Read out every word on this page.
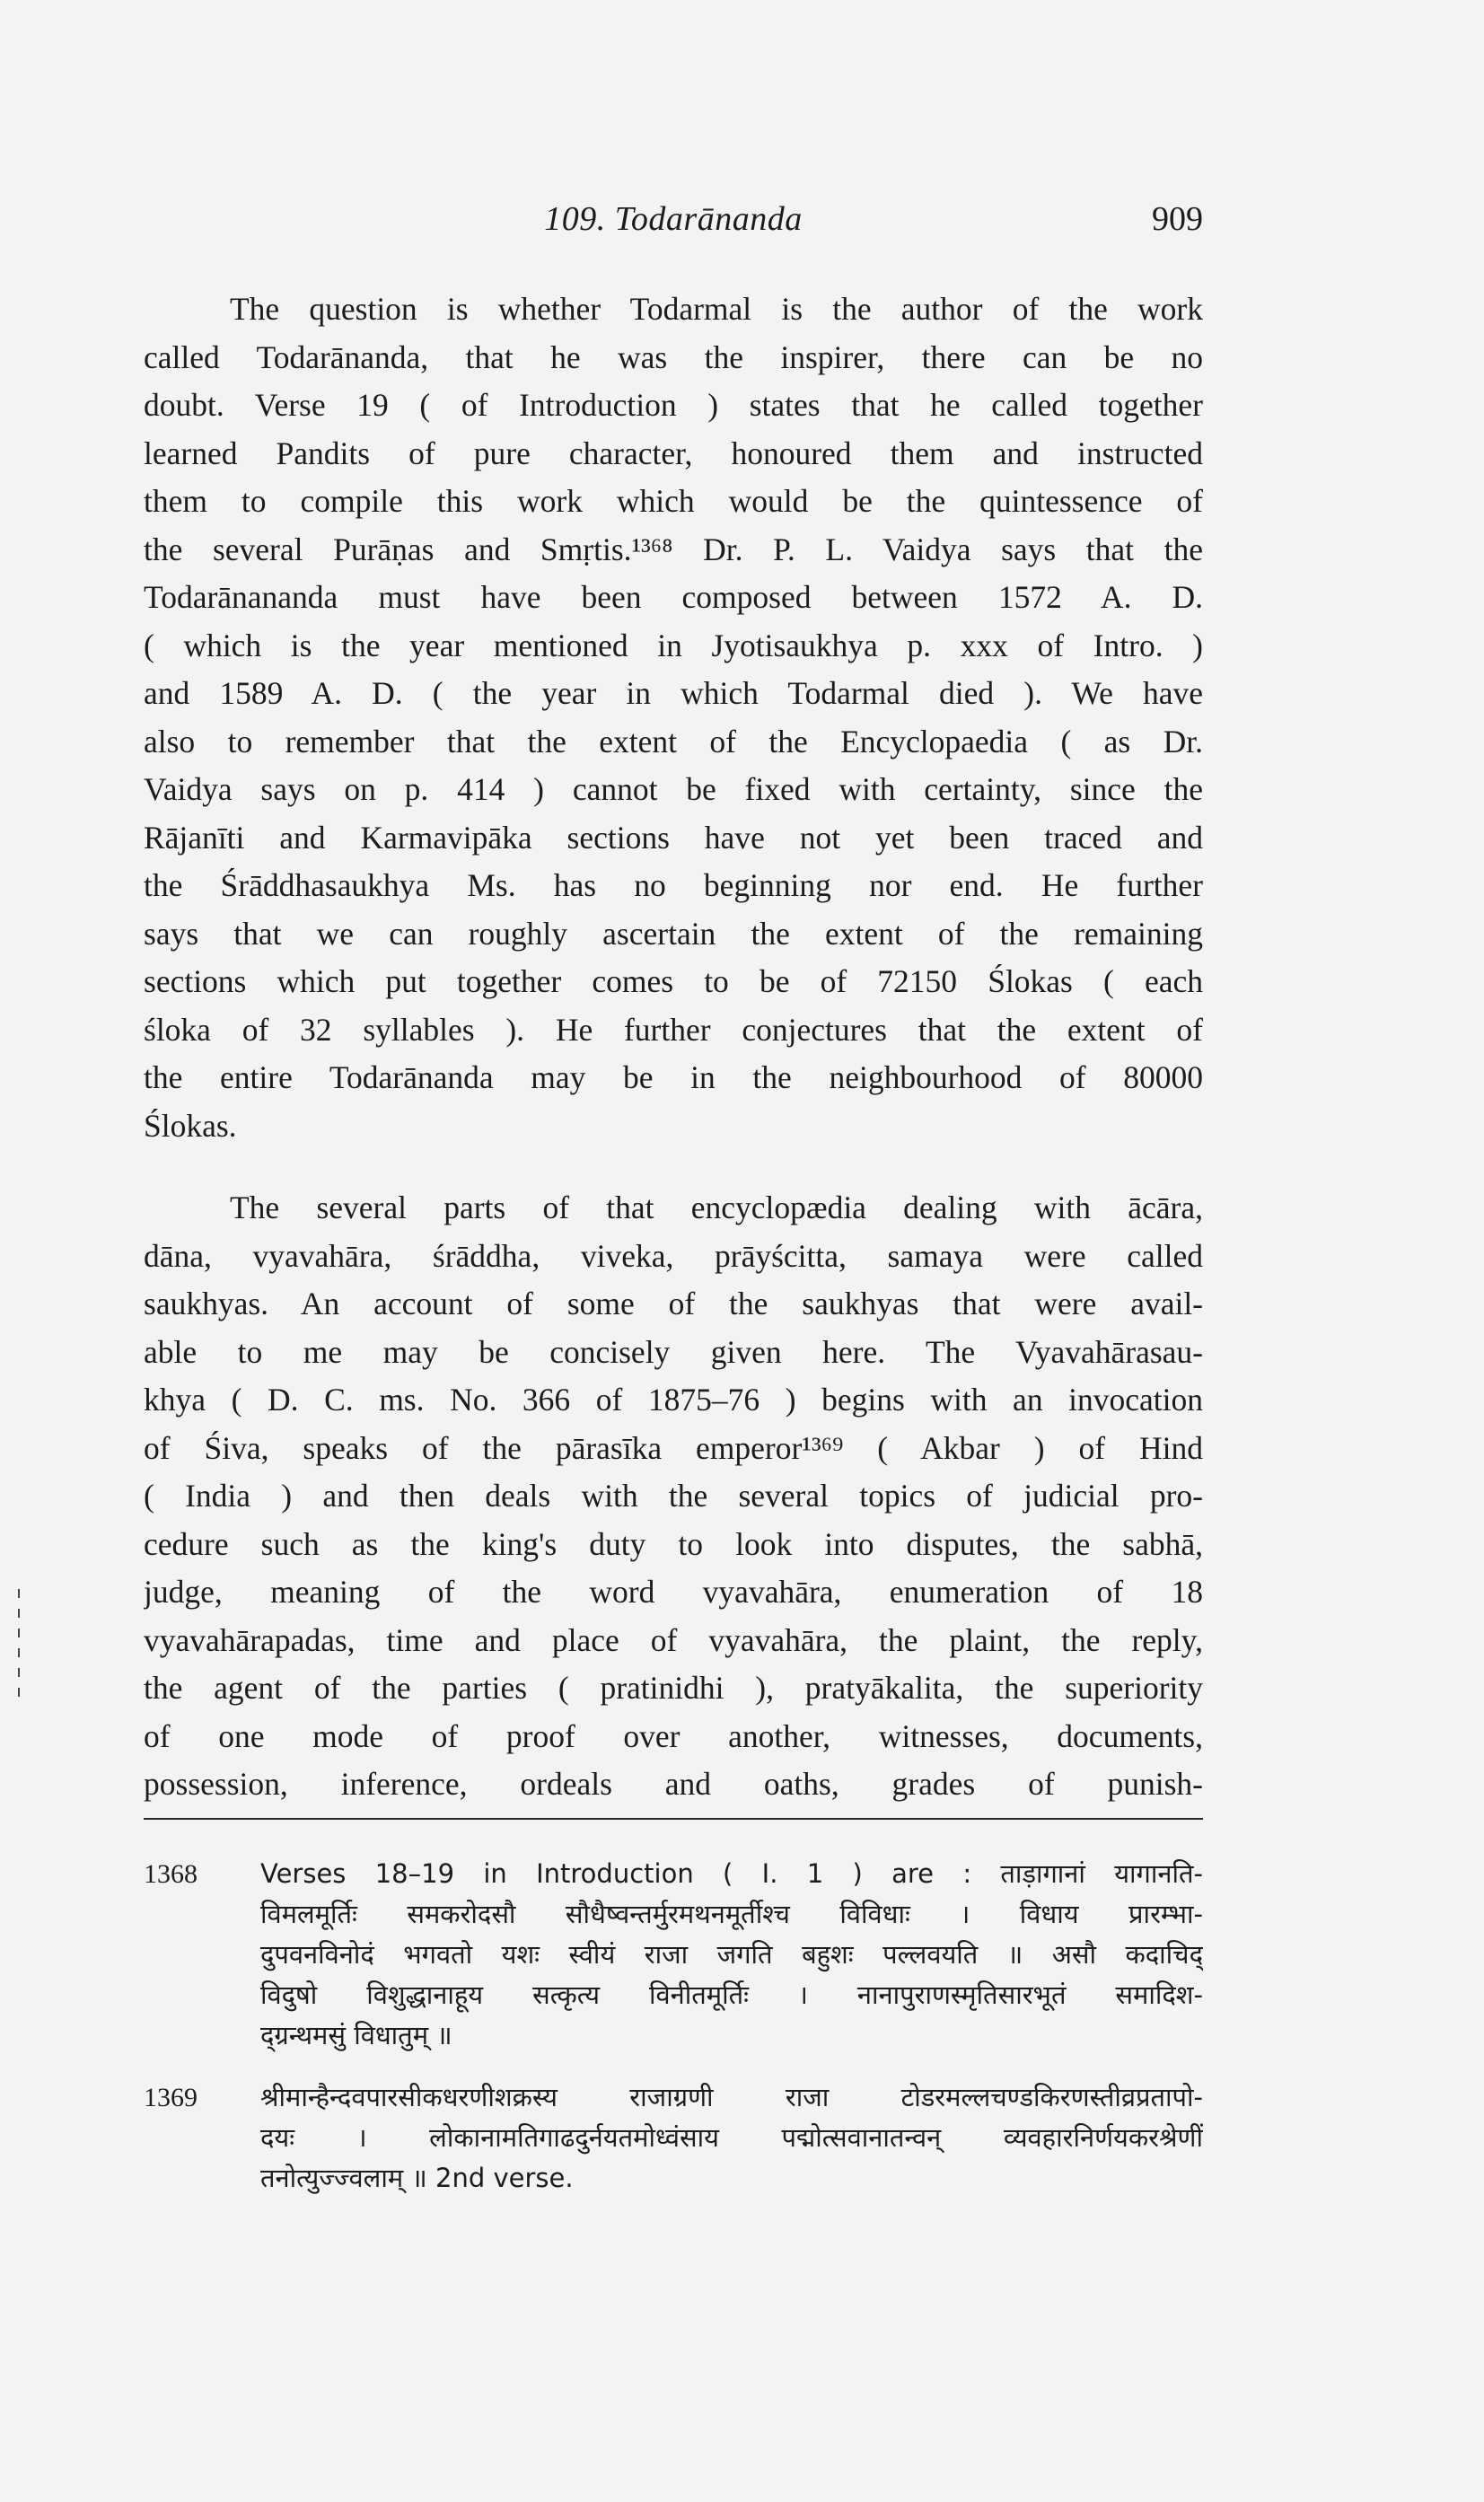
109. Todarānanda	909
The question is whether Todarmal is the author of the work
called Todarānanda, that he was the inspirer, there can be no
doubt. Verse 19 ( of Introduction ) states that he called together
learned Pandits of pure character, honoured them and instructed
them to compile this work which would be the quintessence of
the several Purāṇas and Smṛtis.¹³⁶⁸ Dr. P. L. Vaidya says that the
Todarānananda must have been composed between 1572 A. D.
( which is the year mentioned in Jyotisaukhya p. xxx of Intro. )
and 1589 A. D. ( the year in which Todarmal died ). We have
also to remember that the extent of the Encyclopaedia ( as Dr.
Vaidya says on p. 414 ) cannot be fixed with certainty, since the
Rājanīti and Karmavipāka sections have not yet been traced and
the Śrāddhasaukhya Ms. has no beginning nor end. He further
says that we can roughly ascertain the extent of the remaining
sections which put together comes to be of 72150 Ślokas ( each
śloka of 32 syllables ). He further conjectures that the extent of
the entire Todarānanda may be in the neighbourhood of 80000
Ślokas.
The several parts of that encyclopædia dealing with ācāra,
dāna, vyavahāra, śrāddha, viveka, prāyścitta, samaya were called
saukhyas. An account of some of the saukhyas that were avail-
able to me may be concisely given here. The Vyavahārasau-
khya ( D. C. ms. No. 366 of 1875–76 ) begins with an invocation
of Śiva, speaks of the pārasīka emperor¹³⁶⁹ ( Akbar ) of Hind
( India ) and then deals with the several topics of judicial pro-
cedure such as the king's duty to look into disputes, the sabhā,
judge, meaning of the word vyavahāra, enumeration of 18
vyavahārapadas, time and place of vyavahāra, the plaint, the reply,
the agent of the parties ( pratinidhi ), pratyākalita, the superiority
of one mode of proof over another, witnesses, documents,
possession, inference, ordeals and oaths, grades of punish-
1368 Verses 18–19 in Introduction ( I. 1 ) are : ताड़ागानां यागानति-
विमलमूर्तिः समकरोदसौ सौधैष्वन्तर्मुरमथनमूर्तीश्च विविधाः । विधाय प्रारम्भा-
दुपवनविनोदं भगवतो यशः स्वीयं राजा जगति बहुशः पल्लवयति ॥ असौ कदाचिद्
विदुषो विशुद्धानाहूय सत्कृत्य विनीतमूर्तिः । नानापुराणस्मृतिसारभूतं समादिश-
द्ग्रन्थमसुं विधातुम् ॥
1369 श्रीमान्हैन्दवपारसीकधरणीशक्रस्य राजाग्रणी राजा टोडरमल्लचण्डकिरणस्तीव्रप्रतापो-
दयः । लोकानामतिगाढदुर्नयतमोध्वंसाय पद्मोत्सवानातन्वन् व्यवहारनिर्णयकरश्रेणीं
तनोत्युज्ज्वलाम् ॥ 2nd verse.
